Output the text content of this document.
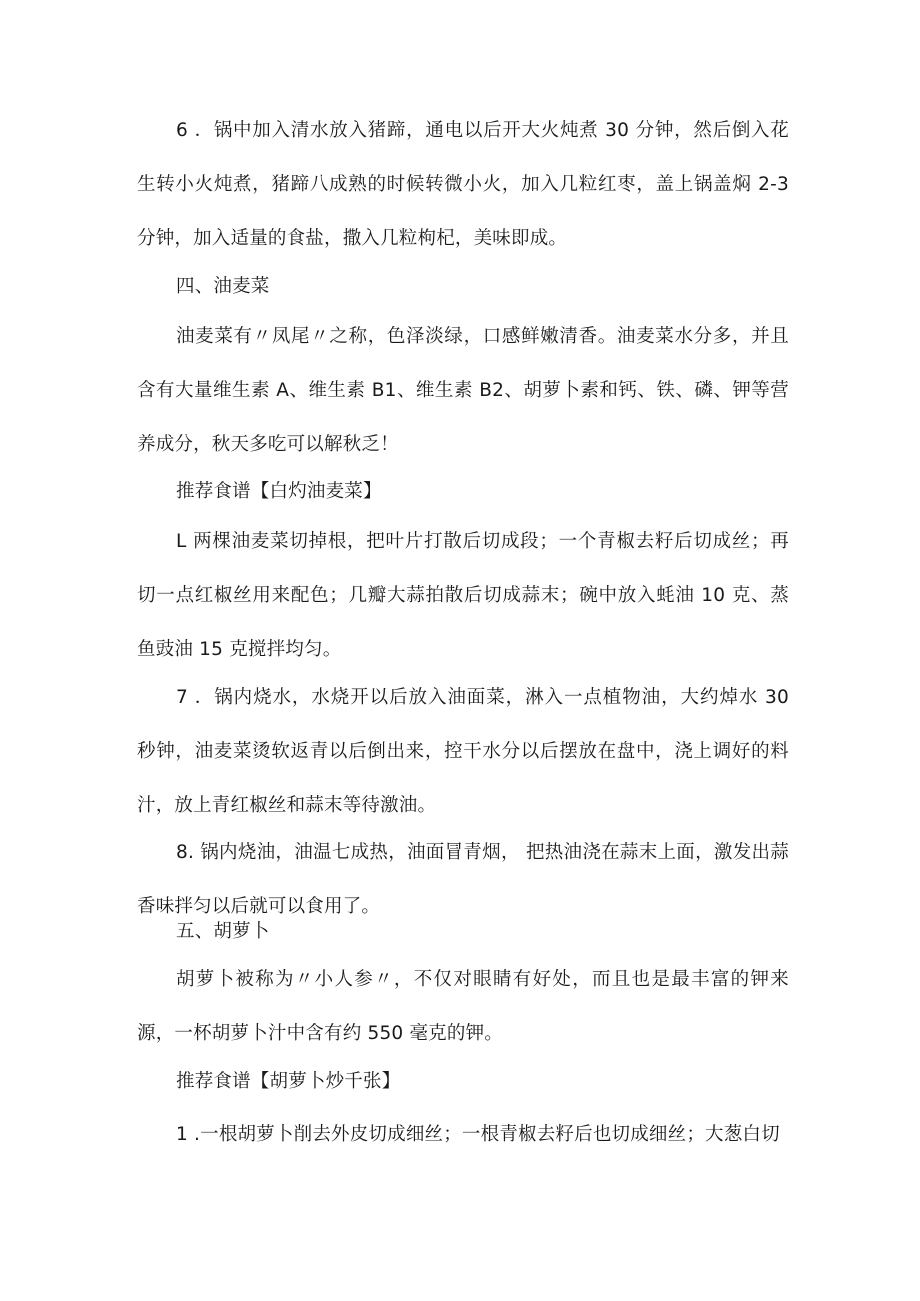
6 ．锅中加入清水放入猪蹄，通电以后开大火炖煮 30 分钟，然后倒入花生转小火炖煮，猪蹄八成熟的时候转微小火，加入几粒红枣，盖上锅盖焖 2-3 分钟，加入适量的食盐，撒入几粒枸杞，美味即成。

四、油麦菜

油麦菜有〃凤尾〃之称，色泽淡绿，口感鲜嫩清香。油麦菜水分多，并且含有大量维生素 A、维生素 B1、维生素 B2、胡萝卜素和钙、铁、磷、钾等营养成分，秋天多吃可以解秋乏！

推荐食谱【白灼油麦菜】

L 两棵油麦菜切掉根，把叶片打散后切成段；一个青椒去籽后切成丝；再切一点红椒丝用来配色；几瓣大蒜拍散后切成蒜末；碗中放入蚝油 10 克、蒸鱼豉油 15 克搅拌均匀。

7 ．锅内烧水，水烧开以后放入油面菜，淋入一点植物油，大约焯水 30 秒钟，油麦菜烫软返青以后倒出来，控干水分以后摆放在盘中，浇上调好的料汁，放上青红椒丝和蒜末等待激油。

8. 锅内烧油，油温七成热，油面冒青烟， 把热油浇在蒜末上面，激发出蒜香味拌匀以后就可以食用了。

五、胡萝卜

胡萝卜被称为〃小人参〃，不仅对眼睛有好处，而且也是最丰富的钾来源，一杯胡萝卜汁中含有约 550 毫克的钾。

推荐食谱【胡萝卜炒千张】

1 .一根胡萝卜削去外皮切成细丝；一根青椒去籽后也切成细丝；大葱白切
